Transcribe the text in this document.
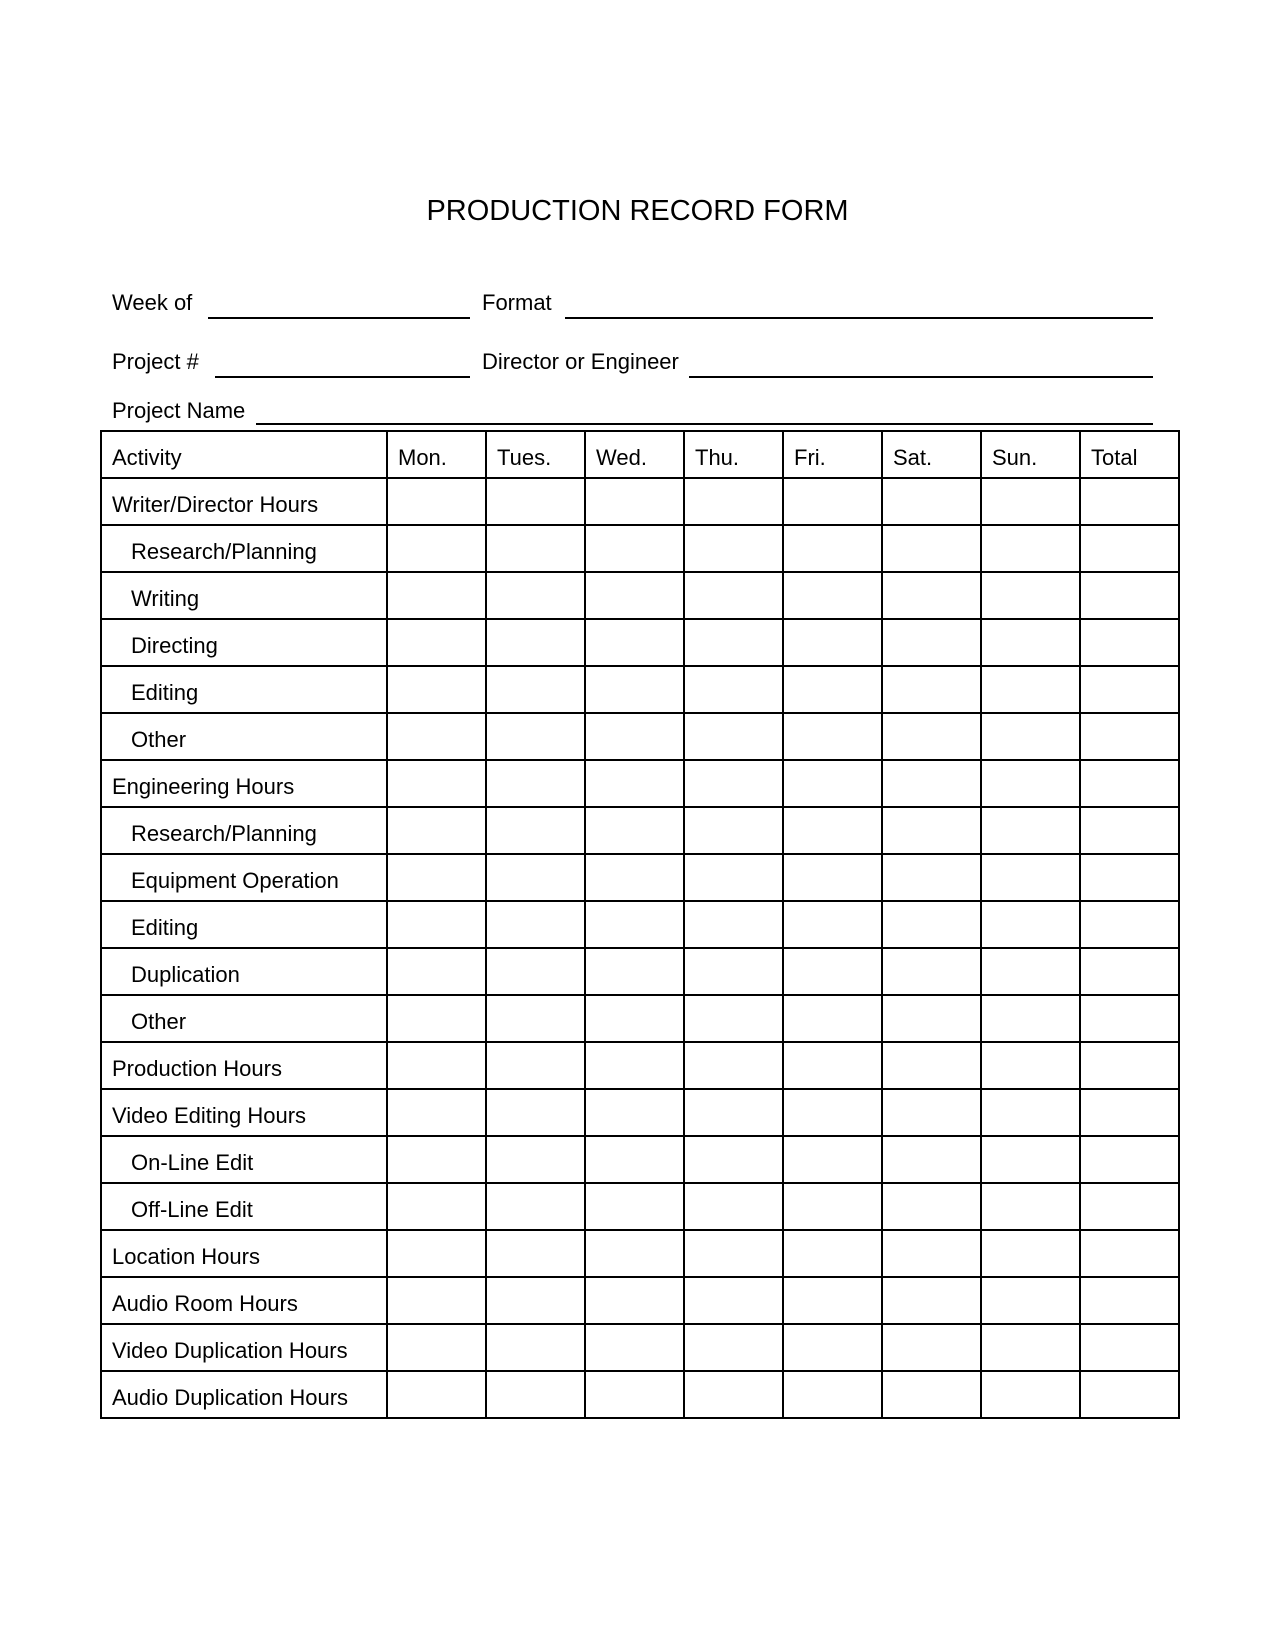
PRODUCTION RECORD FORM
Week of	Format
Project #	Director or Engineer
Project Name
Activity	Mon.	Tues.	Wed.	Thu.	Fri.	Sat.	Sun.	Total
Writer/Director Hours								
Research/Planning								
Writing								
Directing								
Editing								
Other								
Engineering Hours								
Research/Planning								
Equipment Operation								
Editing								
Duplication								
Other								
Production Hours								
Video Editing Hours								
On-Line Edit								
Off-Line Edit								
Location Hours								
Audio Room Hours								
Video Duplication Hours								
Audio Duplication Hours								
